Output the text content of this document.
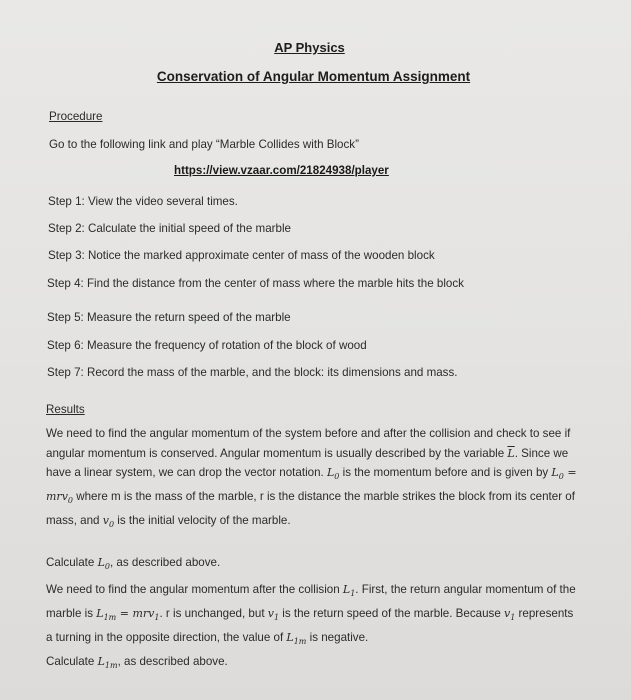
AP Physics
Conservation of Angular Momentum Assignment
Procedure
Go to the following link and play “Marble Collides with Block”
https://view.vzaar.com/21824938/player
Step 1: View the video several times.
Step 2: Calculate the initial speed of the marble
Step 3: Notice the marked approximate center of mass of the wooden block
Step 4: Find the distance from the center of mass where the marble hits the block
Step 5: Measure the return speed of the marble
Step 6: Measure the frequency of rotation of the block of wood
Step 7: Record the mass of the marble, and the block: its dimensions and mass.
Results
We need to find the angular momentum of the system before and after the collision and check to see if angular momentum is conserved. Angular momentum is usually described by the variable $\overline{L}$. Since we have a linear system, we can drop the vector notation. $L_0$ is the momentum before and is given by $L_0 = mrv_0$ where m is the mass of the marble, r is the distance the marble strikes the block from its center of mass, and $v_0$ is the initial velocity of the marble.
Calculate $L_0$, as described above.
We need to find the angular momentum after the collision $L_1$. First, the return angular momentum of the marble is $L_{1m} = mrv_1$. r is unchanged, but $v_1$ is the return speed of the marble. Because $v_1$ represents a turning in the opposite direction, the value of $L_{1m}$ is negative.
Calculate $L_{1m}$, as described above.
